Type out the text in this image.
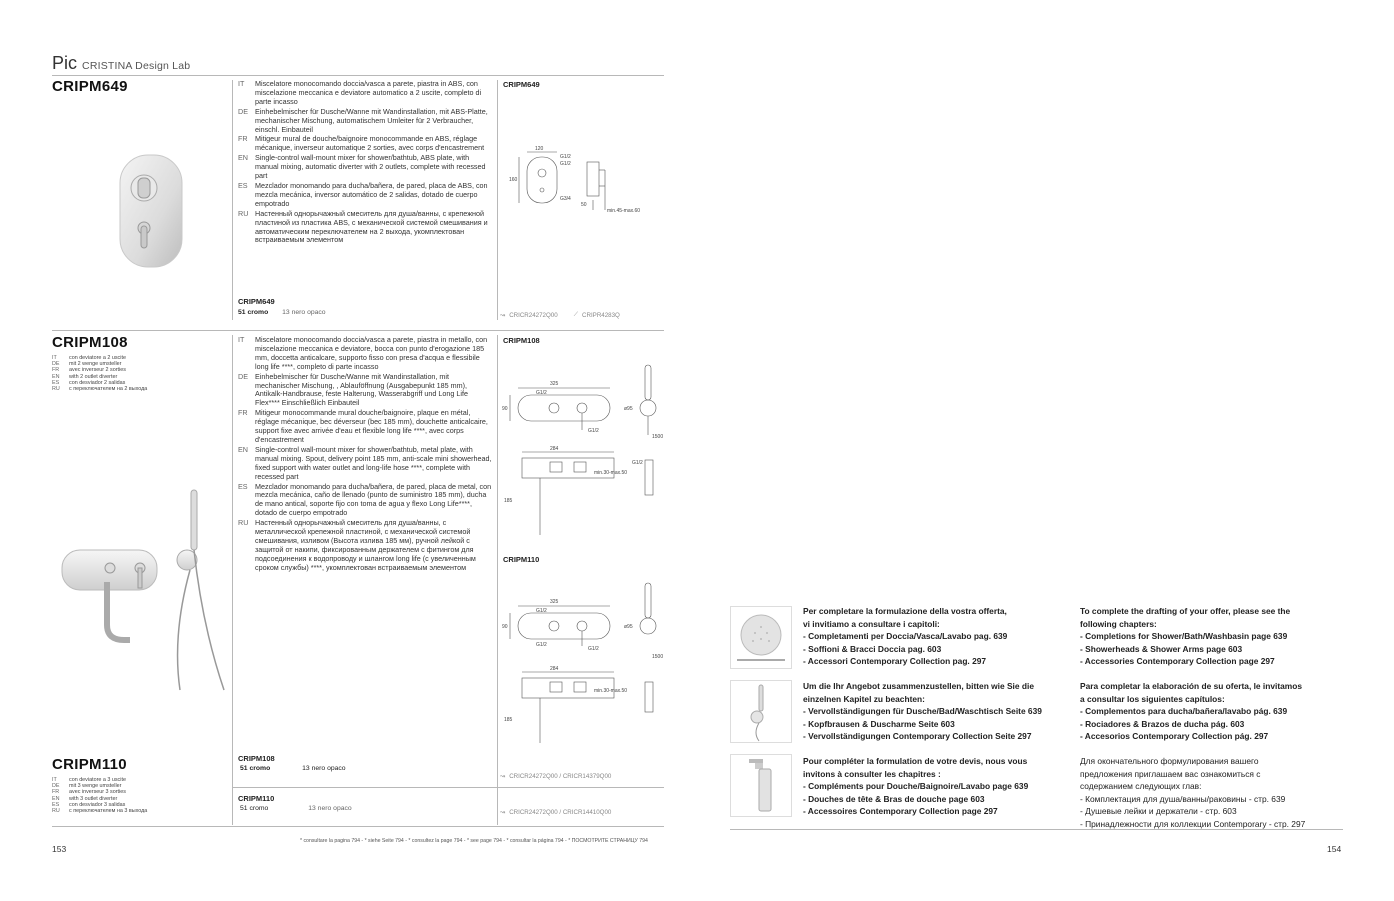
Pic CRISTINA Design Lab
CRIPM649	IT	Miscelatore monocomando doccia/vasca a parete, piastra in ABS, con miscelazione meccanica e deviatore automatico a 2 uscite, completo di parte incasso
DE Einhebelmischer für Dusche/Wanne mit Wandinstallation, mit ABS-Platte, mechanischer Mischung, automatischem Umleiter für 2 Verbraucher, einschl. Einbauteil
FR	Mitigeur mural de douche/baignoire monocommande en ABS, réglage mécanique, inverseur automatique 2 sorties, avec corps d'encastrement
EN Single-control wall-mount mixer for shower/bathtub, ABS plate, with manual mixing, automatic diverter with 2 outlets, complete with recessed part
ES	Mezclador monomando para ducha/bañera, de pared, placa de ABS, con mezcla mecánica, inversor automático de 2 salidas, dotado de cuerpo empotrado
RU Настенный однорычажный смеситель для душа/ванны, с крепежной пластиной из пластика ABS, с механической системой смешивания и автоматическим переключателем на 2 выхода, укомплектован встраиваемым элементом
CRIPM649
120
160
G1/2
G1/2
G3/4
50
min.45-max.60
CRIPM649
51 cromo 13 nero opaco	↝ CRICR24272Q00	⟋ CRIPR4283Q
CRIPM108
IT	con deviatore a 2 uscite
DE	mit 2 wenge umsteller
FR	avec inverseur 2 sorties
EN	with 2 outlet diverter
ES	con desviador 2 salidas
RU	с переключателем на 2 выхода
IT	Miscelatore monocomando doccia/vasca a parete, piastra in metallo, con miscelazione meccanica e deviatore, bocca con punto d'erogazione 185 mm, doccetta anticalcare, supporto fisso con presa d'acqua e flessibile long life ****, completo di parte incasso
DE Einhebelmischer für Dusche/Wanne mit Wandinstallation, mit mechanischer Mischung, , Ablauföffnung (Ausgabepunkt 185 mm), Antikalk-Handbrause, feste Halterung, Wasserabgriff und Long Life Flex**** Einschließlich Einbauteil
FR	Mitigeur monocommande mural douche/baignoire, plaque en métal, réglage mécanique, bec déverseur (bec 185 mm), douchette anticalcaire, support fixe avec arrivée d'eau et flexible long life ****, avec corps d'encastrement
EN Single-control wall-mount mixer for shower/bathtub, metal plate, with manual mixing. Spout, delivery point 185 mm, anti-scale mini showerhead, fixed support with water outlet and long-life hose ****, complete with recessed part
ES	Mezclador monomando para ducha/bañera, de pared, placa de metal, con mezcla mecánica, caño de llenado (punto de suministro 185 mm), ducha de mano antical, soporte fijo con toma de agua y flexo Long Life****, dotado de cuerpo empotrado
RU Настенный однорычажный смеситель для душа/ванны, с металлической крепежной пластиной, с механической системой смешивания, изливом (Высота излива 185 мм), ручной лейкой с защитой от накипи, фиксированным держателем с фитингом для подсоединения к водопроводу и шлангом long life (с увеличенным сроком службы) ****, укомплектован встраиваемым элементом
CRIPM108
325
G1/2
90
G1/2
ø95
1500
284
min.30-max.50
185
G1/2
CRIPM110
325
G1/2
90
G1/2
G1/2
ø95
1500
284
min.30-max.50
185
CRIPM110
IT	con deviatore a 3 uscite
DE	mit 3 wenge umsteller
FR	avec inverseur 3 sorties
EN	with 3 outlet diverter
ES	con desviador 3 salidas
RU	с переключателем на 3 выхода
CRIPM108
51 cromo	13 nero opaco
↝ CRICR24272Q00 / CRICR14379Q00
CRIPM110
51 cromo	13 nero opaco
↝ CRICR24272Q00 / CRICR14410Q00
* consultare la pagina 794 - * siehe Seite 794 - * consultez la page 794 - * see page 794 - * consultar la página 794 - * ПОСМОТРИТЕ СТРАНИЦУ 794
153
Per completare la formulazione della vostra offerta,
vi invitiamo a consultare i capitoli:
- Completamenti per Doccia/Vasca/Lavabo pag. 639
- Soffioni & Bracci Doccia pag. 603
- Accessori Contemporary Collection pag. 297
To complete the drafting of your offer, please see the
following chapters:
- Completions for Shower/Bath/Washbasin page 639
- Showerheads & Shower Arms page 603
- Accessories Contemporary Collection page 297
Um die Ihr Angebot zusammenzustellen, bitten wie Sie die
einzelnen Kapitel zu beachten:
- Vervollständigungen für Dusche/Bad/Waschtisch Seite 639
- Kopfbrausen & Duscharme Seite 603
- Vervollständigungen Contemporary Collection Seite 297
Para completar la elaboración de su oferta, le invitamos
a consultar los siguientes capítulos:
- Complementos para ducha/bañera/lavabo pág. 639
- Rociadores & Brazos de ducha pág. 603
- Accesorios Contemporary Collection pág. 297
Pour compléter la formulation de votre devis, nous vous
invitons à consulter les chapitres :
- Compléments pour Douche/Baignoire/Lavabo page 639
- Douches de tête & Bras de douche page 603
- Accessoires Contemporary Collection page 297
Для окончательного формулирования вашего
предложения приглашаем вас ознакомиться с
содержанием следующих глав:
- Комплектация для душа/ванны/раковины - стр. 639
- Душевые лейки и держатели - стр. 603
- Принадлежности для коллекции Contemporary - стр. 297
154
